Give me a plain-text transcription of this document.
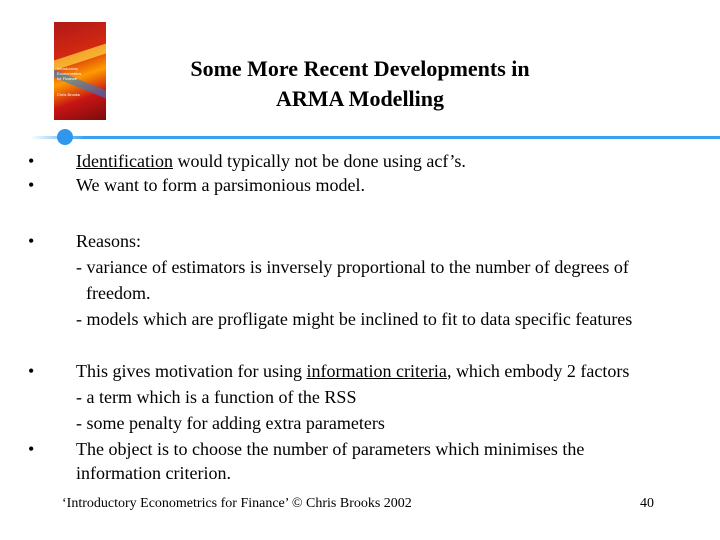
Introductory
Econometrics
for Finance
Chris Brooks
Some More Recent Developments in
ARMA Modelling
• Identification would typically not be done using acf’s.
• We want to form a parsimonious model.
• Reasons:
- variance of estimators is inversely proportional to the number of degrees of
freedom.
- models which are profligate might be inclined to fit to data specific features
• This gives motivation for using information criteria, which embody 2 factors
- a term which is a function of the RSS
- some penalty for adding extra parameters
• The object is to choose the number of parameters which minimises the
information criterion.
‘Introductory Econometrics for Finance’ © Chris Brooks 2002	40
